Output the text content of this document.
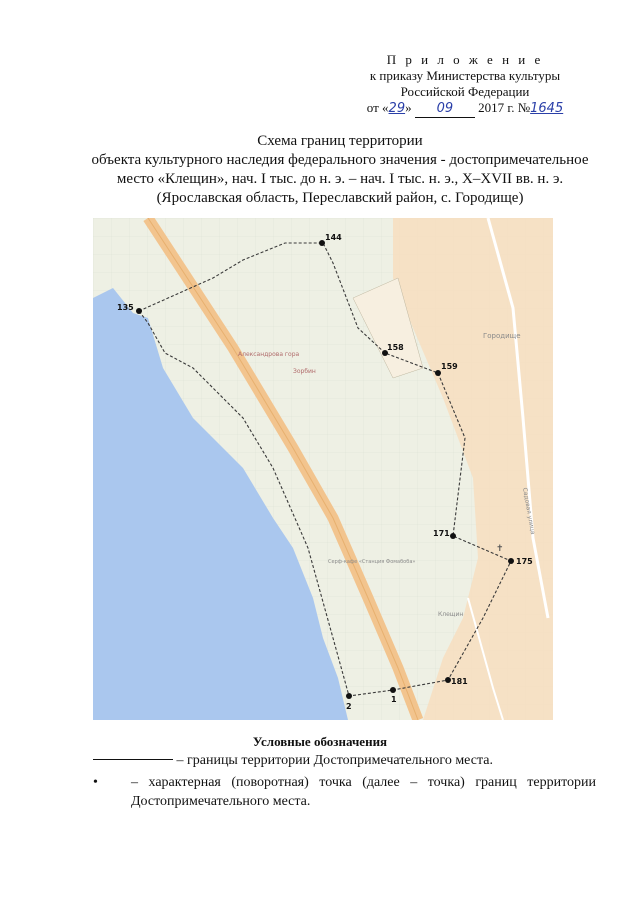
П р и л о ж е н и е
к приказу Министерства культуры
Российской Федерации
от «29» 09 2017 г. №1645
Схема границ территории
объекта культурного наследия федерального значения - достопримечательное
место «Клещин», нач. I тыс. до н. э. – нач. I тыс. н. э., X–XVII вв. н. э.
(Ярославская область, Переславский район, с. Городище)
144
135
158
159
171
175
181
1
2
Городище
Клещин
Зорбин
Александрова гора
Садовая улица
Серф-кафе «Станция Фомабоба»
✝
Условные обозначения
– границы территории Достопримечательного места.
•	– характерная (поворотная) точка (далее – точка) границ территории Достопримечательного места.
